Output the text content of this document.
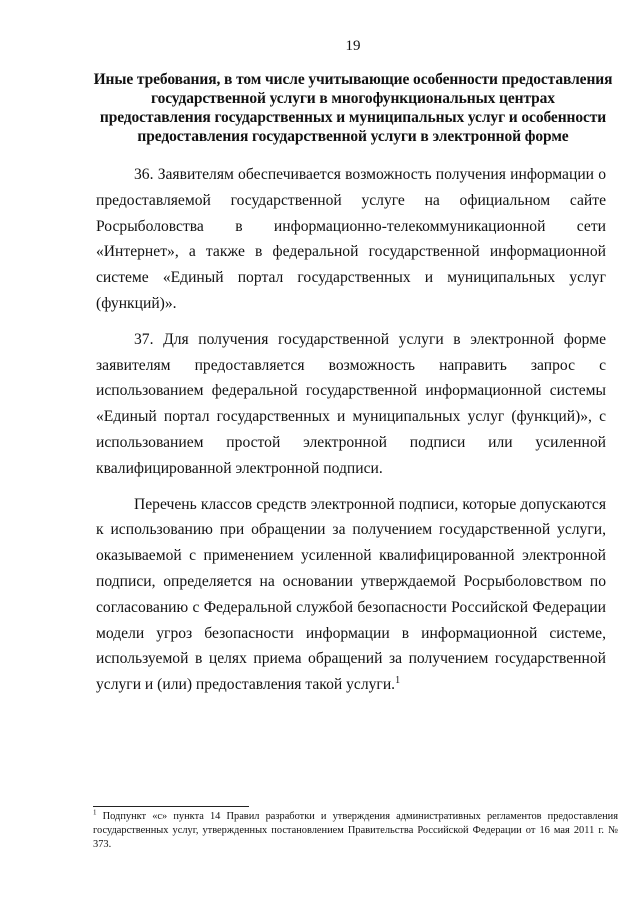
19
Иные требования, в том числе учитывающие особенности предоставления
государственной услуги в многофункциональных центрах
предоставления государственных и муниципальных услуг и особенности
предоставления государственной услуги в электронной форме

36. Заявителям обеспечивается возможность получения информации о предоставляемой государственной услуге на официальном сайте Росрыболовства в информационно-телекоммуникационной сети «Интернет», а также в федеральной государственной информационной системе «Единый портал государственных и муниципальных услуг (функций)».

37. Для получения государственной услуги в электронной форме заявителям предоставляется возможность направить запрос с использованием федеральной государственной информационной системы «Единый портал государственных и муниципальных услуг (функций)», с использованием простой электронной подписи или усиленной квалифицированной электронной подписи.

Перечень классов средств электронной подписи, которые допускаются к использованию при обращении за получением государственной услуги, оказываемой с применением усиленной квалифицированной электронной подписи, определяется на основании утверждаемой Росрыболовством по согласованию с Федеральной службой безопасности Российской Федерации модели угроз безопасности информации в информационной системе, используемой в целях приема обращений за получением государственной услуги и (или) предоставления такой услуги.$^1$

$^1$ Подпункт «с» пункта 14 Правил разработки и утверждения административных регламентов предоставления государственных услуг, утвержденных постановлением Правительства Российской Федерации от 16 мая 2011 г. № 373.
